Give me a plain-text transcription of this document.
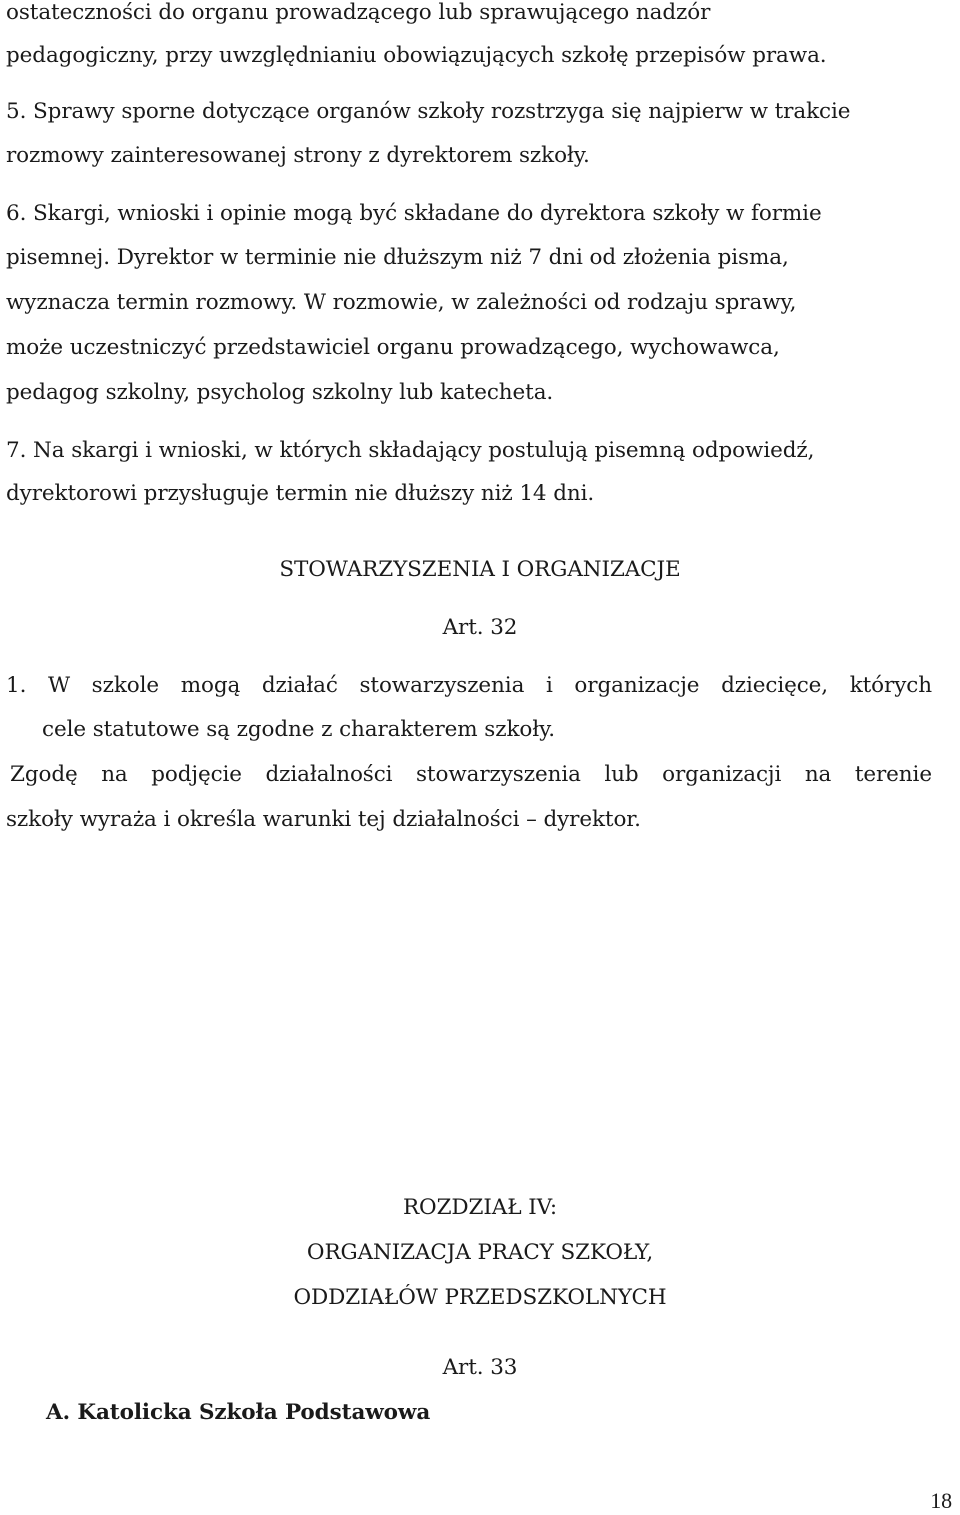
ostateczności do organu prowadzącego lub sprawującego nadzór

pedagogiczny, przy uwzględnianiu obowiązujących szkołę przepisów prawa.

5. Sprawy sporne dotyczące organów szkoły rozstrzyga się najpierw w trakcie

rozmowy zainteresowanej strony z dyrektorem szkoły.

6. Skargi, wnioski i opinie mogą być składane do dyrektora szkoły w formie

pisemnej. Dyrektor w terminie nie dłuższym niż 7 dni od złożenia pisma,

wyznacza termin rozmowy. W rozmowie, w zależności od rodzaju sprawy,

może uczestniczyć przedstawiciel organu prowadzącego, wychowawca,

pedagog szkolny, psycholog szkolny lub katecheta.

7. Na skargi i wnioski, w których składający postulują pisemną odpowiedź,

dyrektorowi przysługuje termin nie dłuższy niż 14 dni.

STOWARZYSZENIA I ORGANIZACJE
Art. 32
1. W szkole mogą działać stowarzyszenia i organizacje dziecięce, których

cele statutowe są zgodne z charakterem szkoły.

Zgodę na podjęcie działalności stowarzyszenia lub organizacji na terenie

szkoły wyraża i określa warunki tej działalności – dyrektor.

ROZDZIAŁ IV:
ORGANIZACJA PRACY SZKOŁY,
ODDZIAŁÓW PRZEDSZKOLNYCH
Art. 33

A. Katolicka Szkoła Podstawowa

18
